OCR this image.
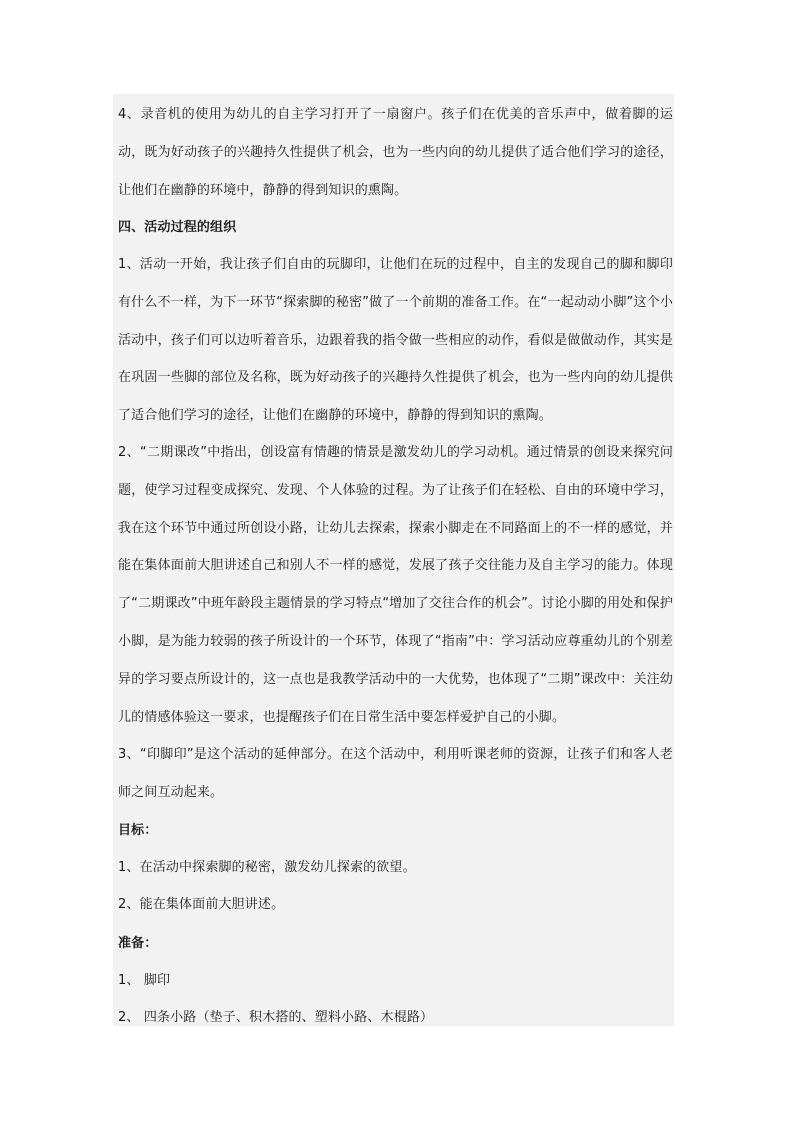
4、录音机的使用为幼儿的自主学习打开了一扇窗户。孩子们在优美的音乐声中，做着脚的运动，既为好动孩子的兴趣持久性提供了机会，也为一些内向的幼儿提供了适合他们学习的途径，让他们在幽静的环境中，静静的得到知识的熏陶。

四、活动过程的组织

1、活动一开始，我让孩子们自由的玩脚印，让他们在玩的过程中，自主的发现自己的脚和脚印有什么不一样，为下一环节“探索脚的秘密”做了一个前期的准备工作。在“一起动动小脚”这个小活动中，孩子们可以边听着音乐，边跟着我的指令做一些相应的动作，看似是做做动作，其实是在巩固一些脚的部位及名称，既为好动孩子的兴趣持久性提供了机会，也为一些内向的幼儿提供了适合他们学习的途径，让他们在幽静的环境中，静静的得到知识的熏陶。

2、“二期课改”中指出，创设富有情趣的情景是激发幼儿的学习动机。通过情景的创设来探究问题，使学习过程变成探究、发现、个人体验的过程。为了让孩子们在轻松、自由的环境中学习，我在这个环节中通过所创设小路，让幼儿去探索，探索小脚走在不同路面上的不一样的感觉，并能在集体面前大胆讲述自己和别人不一样的感觉，发展了孩子交往能力及自主学习的能力。体现了“二期课改”中班年龄段主题情景的学习特点“增加了交往合作的机会”。讨论小脚的用处和保护小脚，是为能力较弱的孩子所设计的一个环节，体现了“指南”中：学习活动应尊重幼儿的个别差异的学习要点所设计的，这一点也是我教学活动中的一大优势，也体现了“二期”课改中：关注幼儿的情感体验这一要求，也提醒孩子们在日常生活中要怎样爱护自己的小脚。

3、“印脚印”是这个活动的延伸部分。在这个活动中，利用听课老师的资源，让孩子们和客人老师之间互动起来。

目标：

1、在活动中探索脚的秘密，激发幼儿探索的欲望。

2、能在集体面前大胆讲述。

准备：

1、 脚印

2、 四条小路（垫子、积木搭的、塑料小路、木棍路）
